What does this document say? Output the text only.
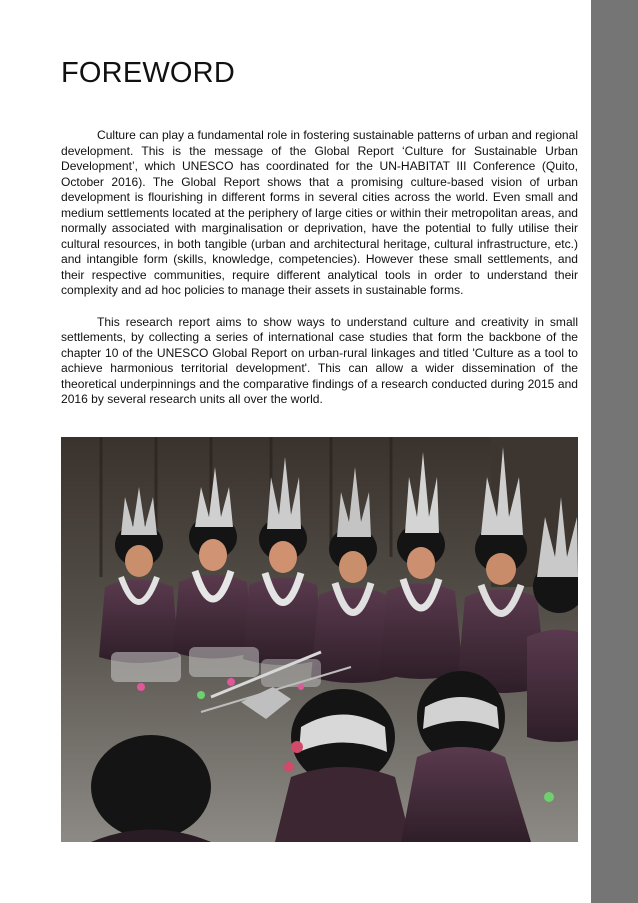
FOREWORD

Culture can play a fundamental role in fostering sustainable patterns of urban and regional development. This is the message of the Global Report ‘Culture for Sustainable Urban Development’, which UNESCO has coordinated for the UN-HABITAT III Conference (Quito, October 2016). The Global Report shows that a promising culture-based vision of urban development is flourishing in different forms in several cities across the world. Even small and medium settlements located at the periphery of large cities or within their metropolitan areas, and normally associated with marginalisation or deprivation, have the potential to fully utilise their cultural resources, in both tangible (urban and architectural heritage, cultural infrastructure, etc.) and intangible form (skills, knowledge, competencies). However these small settlements, and their respective communities, require different analytical tools in order to understand their complexity and ad hoc policies to manage their assets in sustainable forms.

This research report aims to show ways to understand culture and creativity in small settlements, by collecting a series of international case studies that form the backbone of the chapter 10 of the UNESCO Global Report on urban-rural linkages and titled 'Culture as a tool to achieve harmonious territorial development'. This can allow a wider dissemination of the theoretical underpinnings and the comparative findings of a research conducted during 2015 and 2016 by several research units all over the world.
